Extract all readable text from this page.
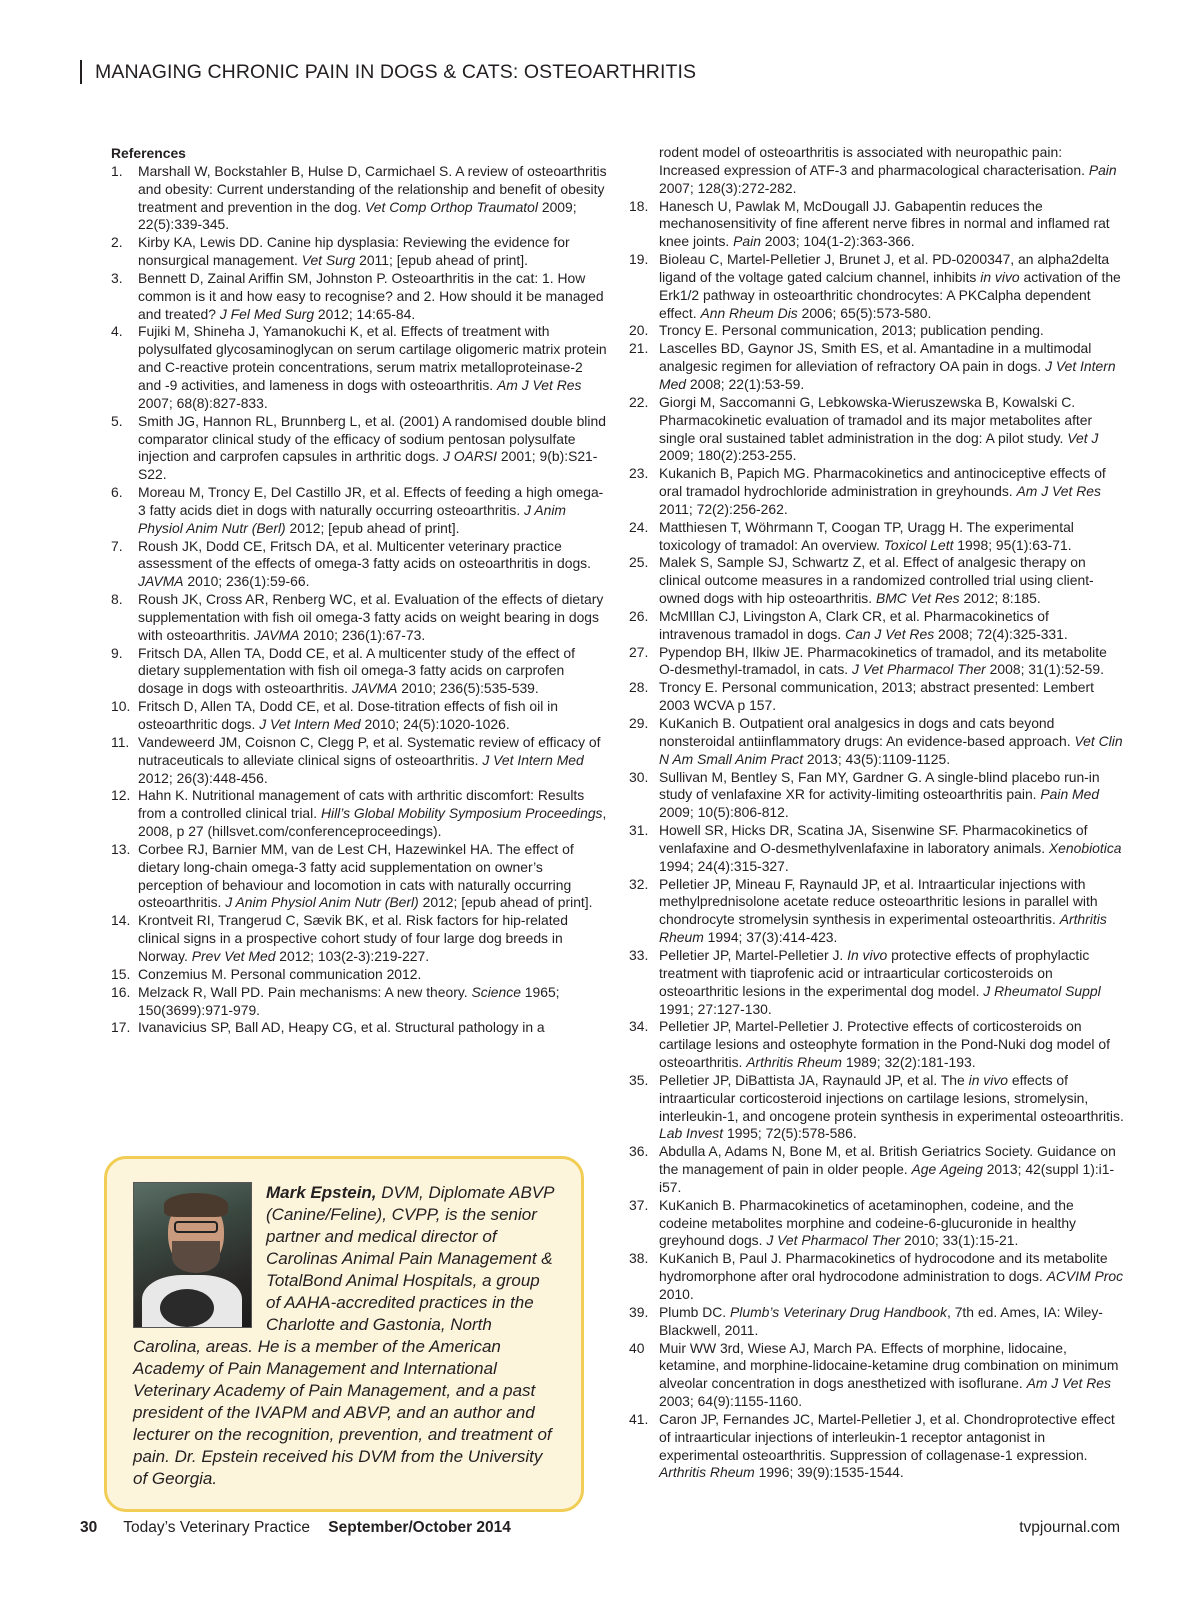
MANAGING CHRONIC PAIN IN DOGS & CATS: OSTEOARTHRITIS

References

1. Marshall W, Bockstahler B, Hulse D, Carmichael S. A review of osteoarthritis and obesity: Current understanding of the relationship and benefit of obesity treatment and prevention in the dog. Vet Comp Orthop Traumatol 2009; 22(5):339-345.
2. Kirby KA, Lewis DD. Canine hip dysplasia: Reviewing the evidence for nonsurgical management. Vet Surg 2011; [epub ahead of print].
3. Bennett D, Zainal Ariffin SM, Johnston P. Osteoarthritis in the cat: 1. How common is it and how easy to recognise? and 2. How should it be managed and treated? J Fel Med Surg 2012; 14:65-84.
4. Fujiki M, Shineha J, Yamanokuchi K, et al. Effects of treatment with polysulfated glycosaminoglycan on serum cartilage oligomeric matrix protein and C-reactive protein concentrations, serum matrix metalloproteinase-2 and -9 activities, and lameness in dogs with osteoarthritis. Am J Vet Res 2007; 68(8):827-833.
5. Smith JG, Hannon RL, Brunnberg L, et al. (2001) A randomised double blind comparator clinical study of the efficacy of sodium pentosan polysulfate injection and carprofen capsules in arthritic dogs. J OARSI 2001; 9(b):S21-S22.
6. Moreau M, Troncy E, Del Castillo JR, et al. Effects of feeding a high omega-3 fatty acids diet in dogs with naturally occurring osteoarthritis. J Anim Physiol Anim Nutr (Berl) 2012; [epub ahead of print].
7. Roush JK, Dodd CE, Fritsch DA, et al. Multicenter veterinary practice assessment of the effects of omega-3 fatty acids on osteoarthritis in dogs. JAVMA 2010; 236(1):59-66.
8. Roush JK, Cross AR, Renberg WC, et al. Evaluation of the effects of dietary supplementation with fish oil omega-3 fatty acids on weight bearing in dogs with osteoarthritis. JAVMA 2010; 236(1):67-73.
9. Fritsch DA, Allen TA, Dodd CE, et al. A multicenter study of the effect of dietary supplementation with fish oil omega-3 fatty acids on carprofen dosage in dogs with osteoarthritis. JAVMA 2010; 236(5):535-539.
10. Fritsch D, Allen TA, Dodd CE, et al. Dose-titration effects of fish oil in osteoarthritic dogs. J Vet Intern Med 2010; 24(5):1020-1026.
11. Vandeweerd JM, Coisnon C, Clegg P, et al. Systematic review of efficacy of nutraceuticals to alleviate clinical signs of osteoarthritis. J Vet Intern Med 2012; 26(3):448-456.
12. Hahn K. Nutritional management of cats with arthritic discomfort: Results from a controlled clinical trial. Hill’s Global Mobility Symposium Proceedings, 2008, p 27 (hillsvet.com/conferenceproceedings).
13. Corbee RJ, Barnier MM, van de Lest CH, Hazewinkel HA. The effect of dietary long-chain omega-3 fatty acid supplementation on owner’s perception of behaviour and locomotion in cats with naturally occurring osteoarthritis. J Anim Physiol Anim Nutr (Berl) 2012; [epub ahead of print].
14. Krontveit RI, Trangerud C, Sævik BK, et al. Risk factors for hip-related clinical signs in a prospective cohort study of four large dog breeds in Norway. Prev Vet Med 2012; 103(2-3):219-227.
15. Conzemius M. Personal communication 2012.
16. Melzack R, Wall PD. Pain mechanisms: A new theory. Science 1965; 150(3699):971-979.
17. Ivanavicius SP, Ball AD, Heapy CG, et al. Structural pathology in a

rodent model of osteoarthritis is associated with neuropathic pain: Increased expression of ATF-3 and pharmacological characterisation. Pain 2007; 128(3):272-282.

18. Hanesch U, Pawlak M, McDougall JJ. Gabapentin reduces the mechanosensitivity of fine afferent nerve fibres in normal and inflamed rat knee joints. Pain 2003; 104(1-2):363-366.
19. Bioleau C, Martel-Pelletier J, Brunet J, et al. PD-0200347, an alpha2delta ligand of the voltage gated calcium channel, inhibits in vivo activation of the Erk1/2 pathway in osteoarthritic chondrocytes: A PKCalpha dependent effect. Ann Rheum Dis 2006; 65(5):573-580.
20. Troncy E. Personal communication, 2013; publication pending.
21. Lascelles BD, Gaynor JS, Smith ES, et al. Amantadine in a multimodal analgesic regimen for alleviation of refractory OA pain in dogs. J Vet Intern Med 2008; 22(1):53-59.
22. Giorgi M, Saccomanni G, Lebkowska-Wieruszewska B, Kowalski C. Pharmacokinetic evaluation of tramadol and its major metabolites after single oral sustained tablet administration in the dog: A pilot study. Vet J 2009; 180(2):253-255.
23. Kukanich B, Papich MG. Pharmacokinetics and antinociceptive effects of oral tramadol hydrochloride administration in greyhounds. Am J Vet Res 2011; 72(2):256-262.
24. Matthiesen T, Wöhrmann T, Coogan TP, Uragg H. The experimental toxicology of tramadol: An overview. Toxicol Lett 1998; 95(1):63-71.
25. Malek S, Sample SJ, Schwartz Z, et al. Effect of analgesic therapy on clinical outcome measures in a randomized controlled trial using client-owned dogs with hip osteoarthritis. BMC Vet Res 2012; 8:185.
26. McMIllan CJ, Livingston A, Clark CR, et al. Pharmacokinetics of intravenous tramadol in dogs. Can J Vet Res 2008; 72(4):325-331.
27. Pypendop BH, Ilkiw JE. Pharmacokinetics of tramadol, and its metabolite O-desmethyl-tramadol, in cats. J Vet Pharmacol Ther 2008; 31(1):52-59.
28. Troncy E. Personal communication, 2013; abstract presented: Lembert 2003 WCVA p 157.
29. KuKanich B. Outpatient oral analgesics in dogs and cats beyond nonsteroidal antiinflammatory drugs: An evidence-based approach. Vet Clin N Am Small Anim Pract 2013; 43(5):1109-1125.
30. Sullivan M, Bentley S, Fan MY, Gardner G. A single-blind placebo run-in study of venlafaxine XR for activity-limiting osteoarthritis pain. Pain Med 2009; 10(5):806-812.
31. Howell SR, Hicks DR, Scatina JA, Sisenwine SF. Pharmacokinetics of venlafaxine and O-desmethylvenlafaxine in laboratory animals. Xenobiotica 1994; 24(4):315-327.
32. Pelletier JP, Mineau F, Raynauld JP, et al. Intraarticular injections with methylprednisolone acetate reduce osteoarthritic lesions in parallel with chondrocyte stromelysin synthesis in experimental osteoarthritis. Arthritis Rheum 1994; 37(3):414-423.
33. Pelletier JP, Martel-Pelletier J. In vivo protective effects of prophylactic treatment with tiaprofenic acid or intraarticular corticosteroids on osteoarthritic lesions in the experimental dog model. J Rheumatol Suppl 1991; 27:127-130.
34. Pelletier JP, Martel-Pelletier J. Protective effects of corticosteroids on cartilage lesions and osteophyte formation in the Pond-Nuki dog model of osteoarthritis. Arthritis Rheum 1989; 32(2):181-193.
35. Pelletier JP, DiBattista JA, Raynauld JP, et al. The in vivo effects of intraarticular corticosteroid injections on cartilage lesions, stromelysin, interleukin-1, and oncogene protein synthesis in experimental osteoarthritis. Lab Invest 1995; 72(5):578-586.
36. Abdulla A, Adams N, Bone M, et al. British Geriatrics Society. Guidance on the management of pain in older people. Age Ageing 2013; 42(suppl 1):i1-i57.
37. KuKanich B. Pharmacokinetics of acetaminophen, codeine, and the codeine metabolites morphine and codeine-6-glucuronide in healthy greyhound dogs. J Vet Pharmacol Ther 2010; 33(1):15-21.
38. KuKanich B, Paul J. Pharmacokinetics of hydrocodone and its metabolite hydromorphone after oral hydrocodone administration to dogs. ACVIM Proc 2010.
39. Plumb DC. Plumb’s Veterinary Drug Handbook, 7th ed. Ames, IA: Wiley-Blackwell, 2011.
40 Muir WW 3rd, Wiese AJ, March PA. Effects of morphine, lidocaine, ketamine, and morphine-lidocaine-ketamine drug combination on minimum alveolar concentration in dogs anesthetized with isoflurane. Am J Vet Res 2003; 64(9):1155-1160.
41. Caron JP, Fernandes JC, Martel-Pelletier J, et al. Chondroprotective effect of intraarticular injections of interleukin-1 receptor antagonist in experimental osteoarthritis. Suppression of collagenase-1 expression. Arthritis Rheum 1996; 39(9):1535-1544.
Mark Epstein, DVM, Diplomate ABVP (Canine/Feline), CVPP, is the senior partner and medical director of Carolinas Animal Pain Management & TotalBond Animal Hospitals, a group of AAHA-accredited practices in the Charlotte and Gastonia, North Carolina, areas. He is a member of the American Academy of Pain Management and International Veterinary Academy of Pain Management, and a past president of the IVAPM and ABVP, and an author and lecturer on the recognition, prevention, and treatment of pain. Dr. Epstein received his DVM from the University of Georgia.
30 Today’s Veterinary Practice September/October 2014	tvpjournal.com
